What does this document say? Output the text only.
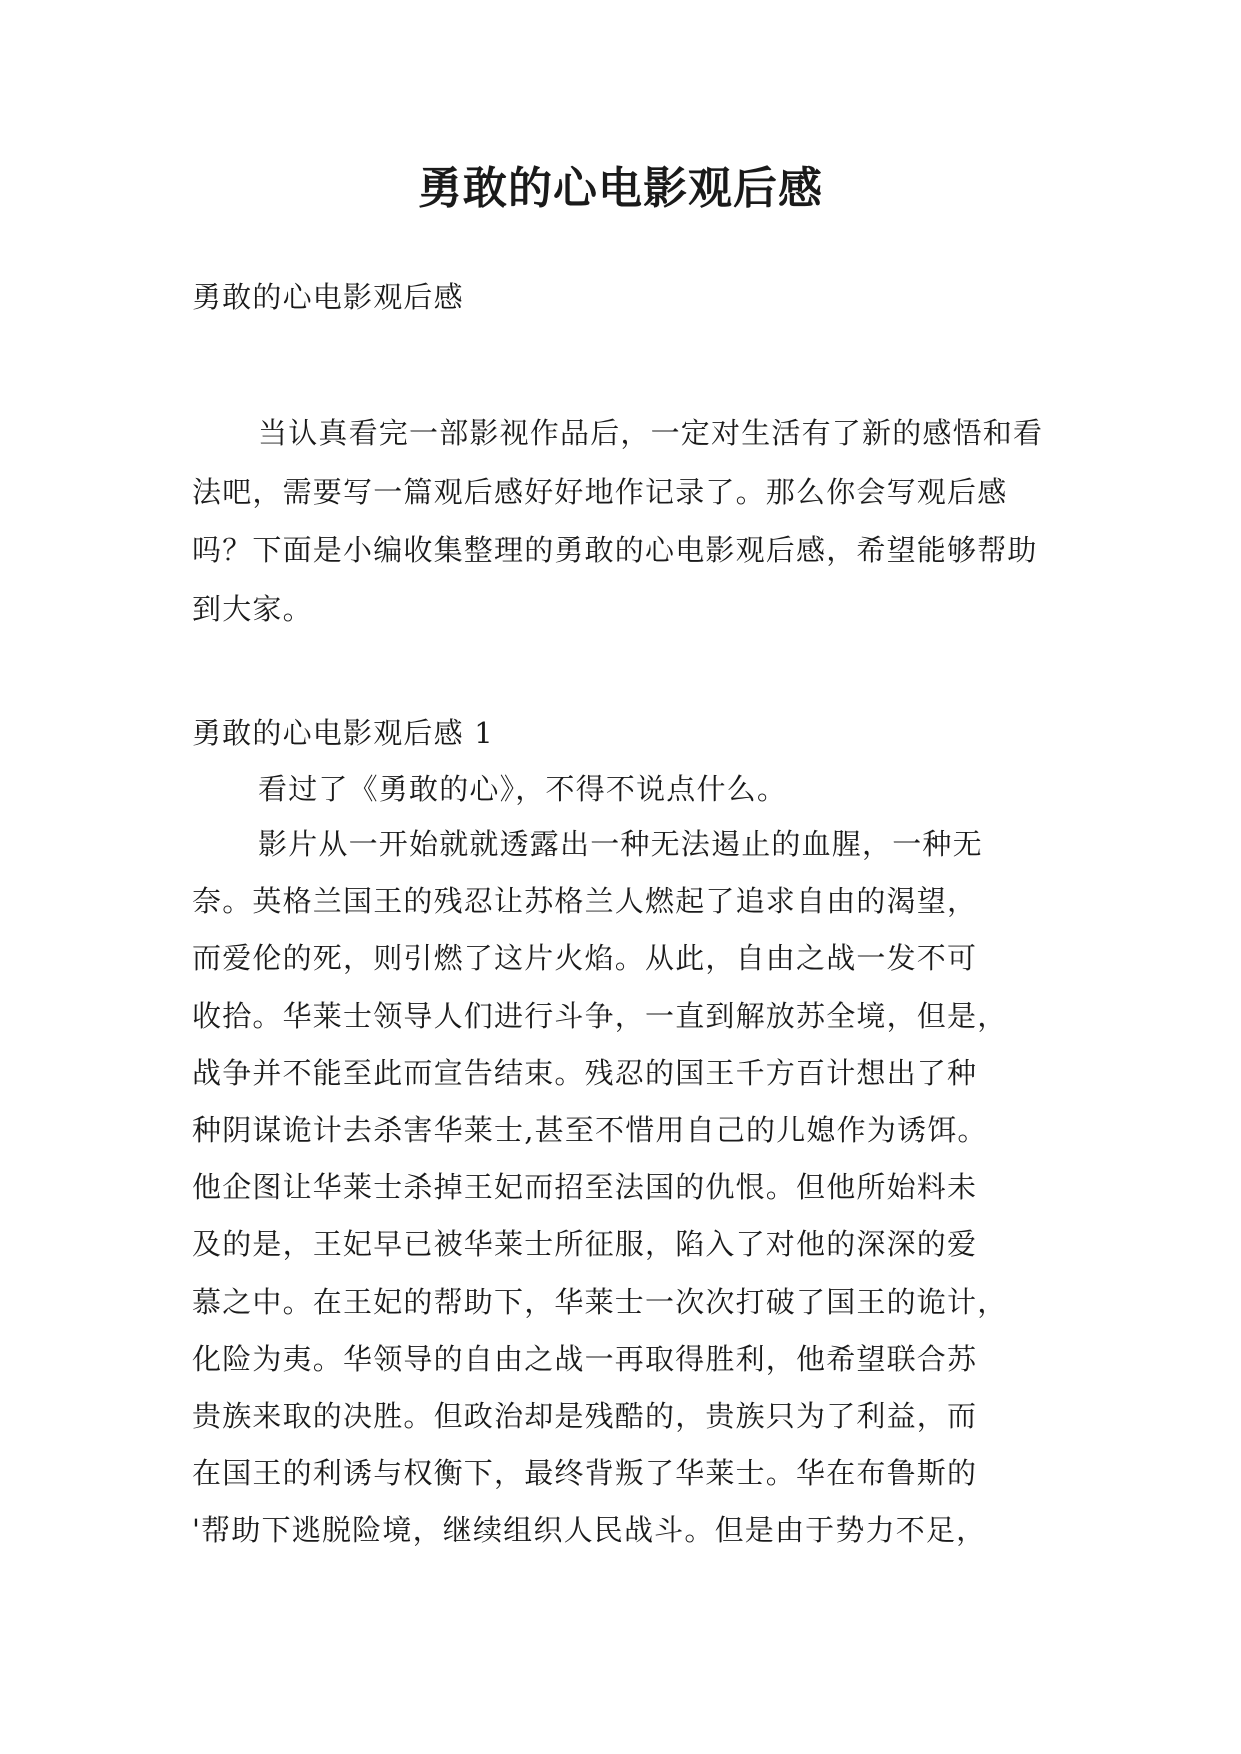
勇敢的心电影观后感

勇敢的心电影观后感

当认真看完一部影视作品后，一定对生活有了新的感悟和看法吧，需要写一篇观后感好好地作记录了。那么你会写观后感吗？下面是小编收集整理的勇敢的心电影观后感，希望能够帮助到大家。

勇敢的心电影观后感 1

看过了《勇敢的心》，不得不说点什么。

影片从一开始就就透露出一种无法遏止的血腥，一种无
奈。英格兰国王的残忍让苏格兰人燃起了追求自由的渴望，
而爱伦的死，则引燃了这片火焰。从此，自由之战一发不可
收拾。华莱士领导人们进行斗争，一直到解放苏全境，但是，
战争并不能至此而宣告结束。残忍的国王千方百计想出了种
种阴谋诡计去杀害华莱士,甚至不惜用自己的儿媳作为诱饵。
他企图让华莱士杀掉王妃而招至法国的仇恨。但他所始料未
及的是，王妃早已被华莱士所征服，陷入了对他的深深的爱
慕之中。在王妃的帮助下，华莱士一次次打破了国王的诡计，
化险为夷。华领导的自由之战一再取得胜利，他希望联合苏
贵族来取的决胜。但政治却是残酷的，贵族只为了利益，而
在国王的利诱与权衡下，最终背叛了华莱士。华在布鲁斯的
'帮助下逃脱险境，继续组织人民战斗。但是由于势力不足，
